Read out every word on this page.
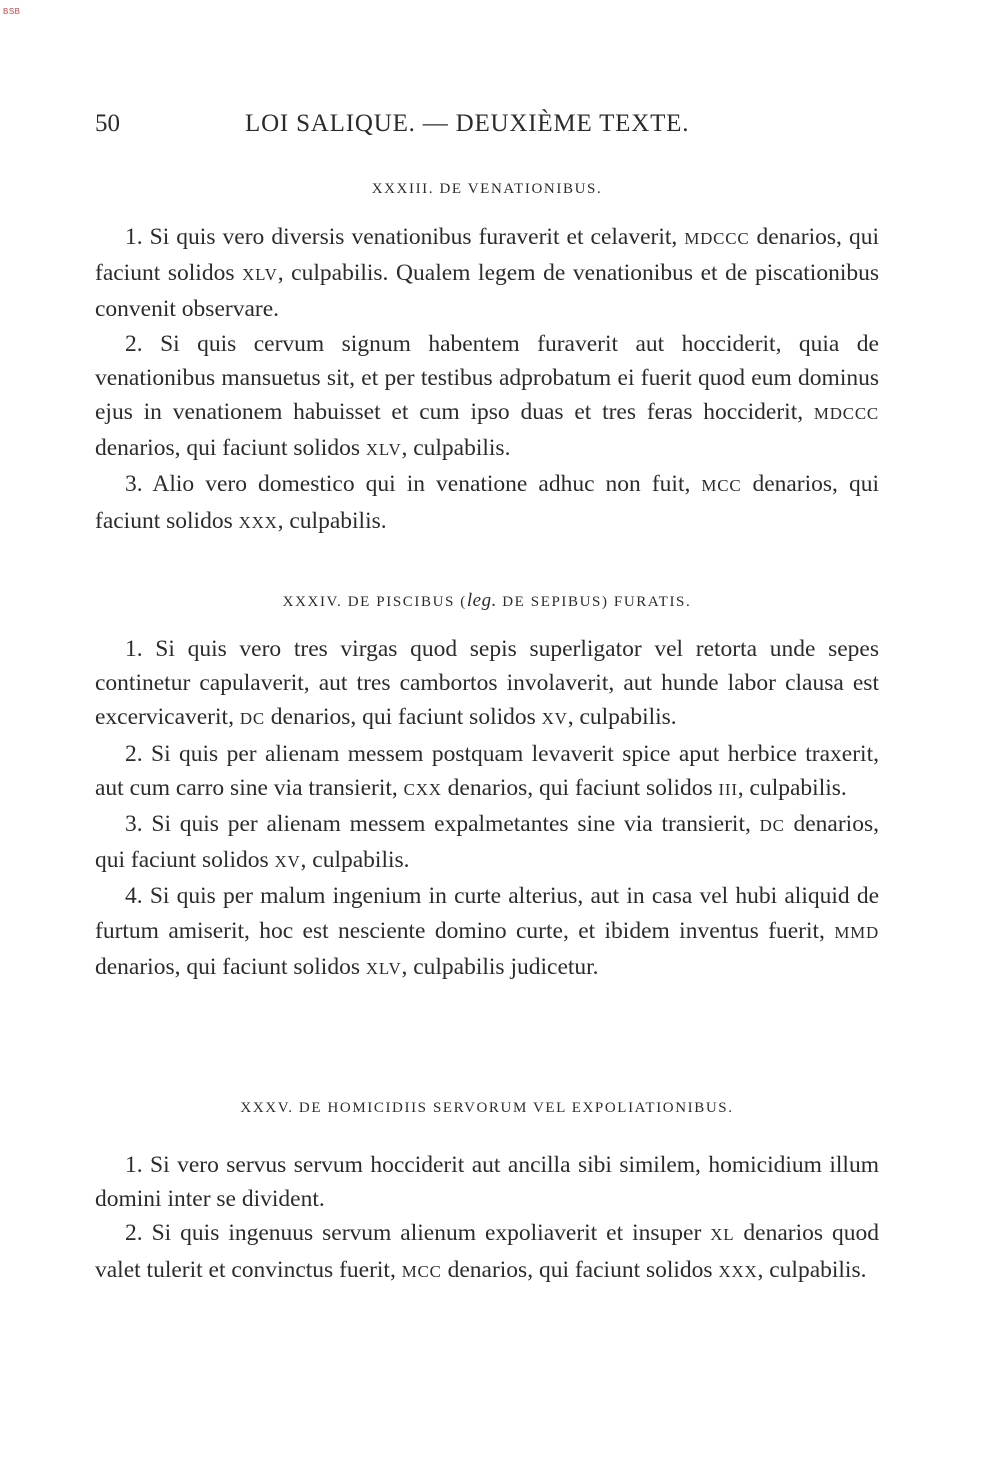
BSB
50	LOI SALIQUE. — DEUXIÈME TEXTE.
XXXIII. DE VENATIONIBUS.

1. Si quis vero diversis venationibus furaverit et celaverit, MDCCC denarios, qui faciunt solidos XLV, culpabilis. Qualem legem de venationibus et de piscationibus convenit observare.

2. Si quis cervum signum habentem furaverit aut hocciderit, quia de venationibus mansuetus sit, et per testibus adprobatum ei fuerit quod eum dominus ejus in venationem habuisset et cum ipso duas et tres feras hocciderit, MDCCC denarios, qui faciunt solidos XLV, culpabilis.

3. Alio vero domestico qui in venatione adhuc non fuit, MCC denarios, qui faciunt solidos XXX, culpabilis.

XXXIV. DE PISCIBUS (leg. DE SEPIBUS) FURATIS.

1. Si quis vero tres virgas quod sepis superligator vel retorta unde sepes continetur capulaverit, aut tres cambortos involaverit, aut hunde labor clausa est excervicaverit, DC denarios, qui faciunt solidos XV, culpabilis.

2. Si quis per alienam messem postquam levaverit spice aput herbice traxerit, aut cum carro sine via transierit, CXX denarios, qui faciunt solidos III, culpabilis.

3. Si quis per alienam messem expalmetantes sine via transierit, DC denarios, qui faciunt solidos XV, culpabilis.

4. Si quis per malum ingenium in curte alterius, aut in casa vel hubi aliquid de furtum amiserit, hoc est nesciente domino curte, et ibidem inventus fuerit, MMD denarios, qui faciunt solidos XLV, culpabilis judicetur.

XXXV. DE HOMICIDIIS SERVORUM VEL EXPOLIATIONIBUS.

1. Si vero servus servum hocciderit aut ancilla sibi similem, homicidium illum domini inter se divident.

2. Si quis ingenuus servum alienum expoliaverit et insuper XL denarios quod valet tulerit et convinctus fuerit, MCC denarios, qui faciunt solidos XXX, culpabilis.
